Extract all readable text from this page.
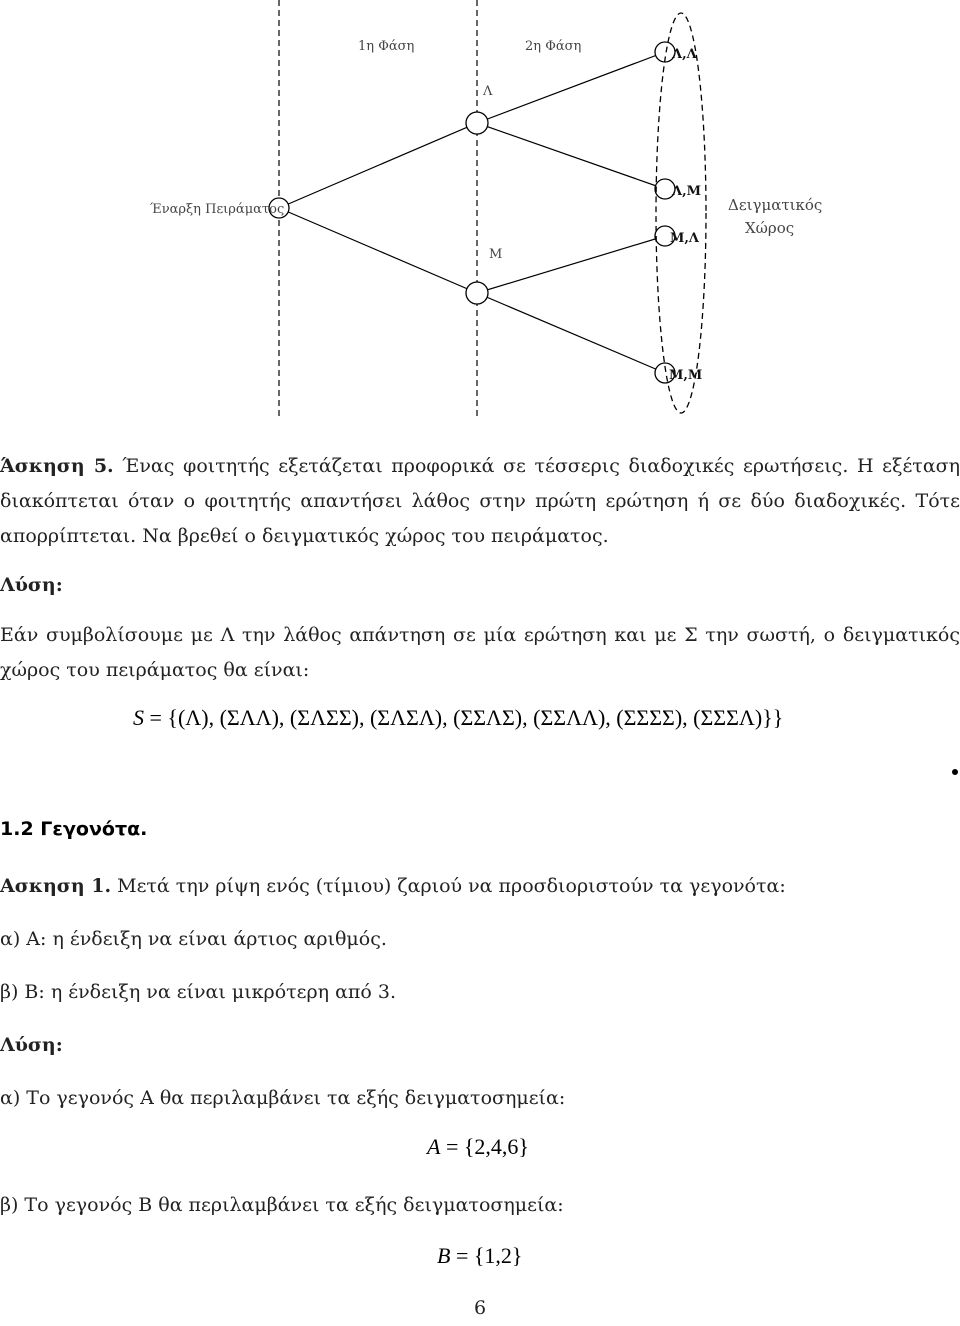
1η Φάση	2η Φάση
Έναρξη Πειράματος
Λ
Μ
Λ,Λ
Λ,Μ
Μ,Λ
Μ,Μ
Δειγματικός
Χώρος
Άσκηση 5. Ένας φοιτητής εξετάζεται προφορικά σε τέσσερις διαδοχικές ερωτήσεις. Η εξέταση
διακόπτεται όταν ο φοιτητής απαντήσει λάθος στην πρώτη ερώτηση ή σε δύο διαδοχικές. Τότε
απορρίπτεται. Να βρεθεί ο δειγματικός χώρος του πειράματος.
Λύση:
Εάν συμβολίσουμε με Λ την λάθος απάντηση σε μία ερώτηση και με Σ την σωστή, ο δειγματικός
χώρος του πειράματος θα είναι:
S = {(Λ), (ΣΛΛ), (ΣΛΣΣ), (ΣΛΣΛ), (ΣΣΛΣ), (ΣΣΛΛ), (ΣΣΣΣ), (ΣΣΣΛ)}}
1.2 Γεγονότα.
Ασκηση 1. Μετά την ρίψη ενός (τίμιου) ζαριού να προσδιοριστούν τα γεγονότα:
α) Α: η ένδειξη να είναι άρτιος αριθμός.
β) Β: η ένδειξη να είναι μικρότερη από 3.
Λύση:
α) Το γεγονός Α θα περιλαμβάνει τα εξής δειγματοσημεία:
A = {2,4,6}
β) Το γεγονός Β θα περιλαμβάνει τα εξής δειγματοσημεία:
B = {1,2}
6
